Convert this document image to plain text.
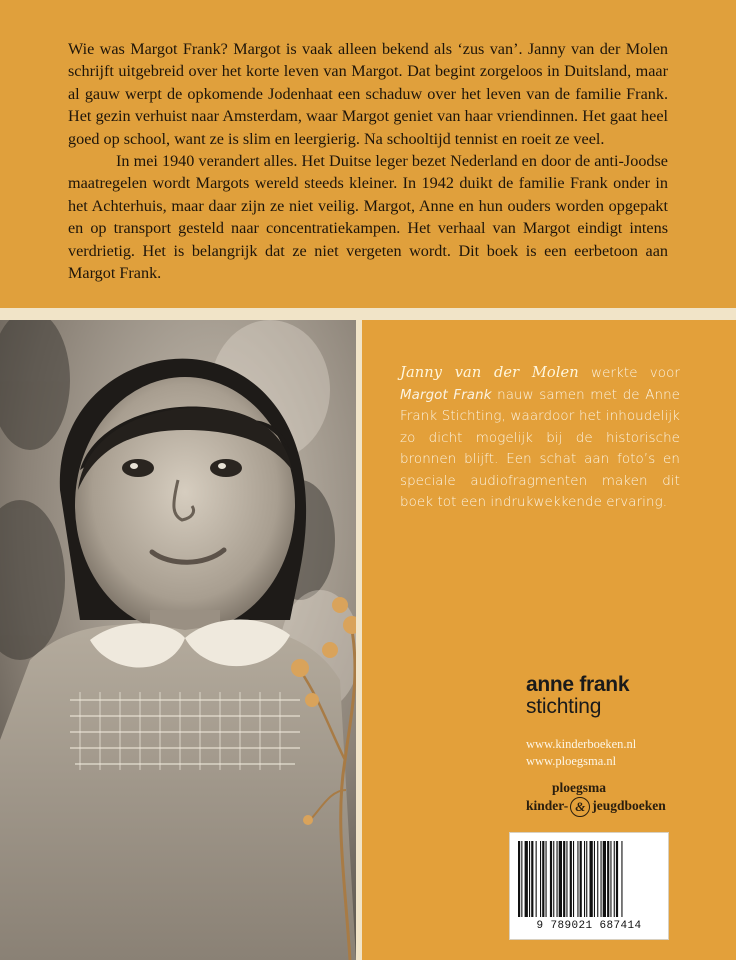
Wie was Margot Frank? Margot is vaak alleen bekend als ‘zus van’. Janny van der Molen schrijft uitgebreid over het korte leven van Margot. Dat begint zorgeloos in Duitsland, maar al gauw werpt de opkomende Jodenhaat een schaduw over het leven van de familie Frank. Het gezin verhuist naar Amsterdam, waar Margot geniet van haar vriendinnen. Het gaat heel goed op school, want ze is slim en leergierig. Na schooltijd tennist en roeit ze veel.

In mei 1940 verandert alles. Het Duitse leger bezet Nederland en door de anti-Joodse maatregelen wordt Margots wereld steeds kleiner. In 1942 duikt de familie Frank onder in het Achterhuis, maar daar zijn ze niet veilig. Margot, Anne en hun ouders worden opgepakt en op transport gesteld naar concentratiekampen. Het verhaal van Margot eindigt intens verdrietig. Het is belangrijk dat ze niet vergeten wordt. Dit boek is een eerbetoon aan Margot Frank.

Janny van der Molen werkte voor Margot Frank nauw samen met de Anne Frank Stichting, waardoor het inhoudelijk zo dicht mogelijk bij de historische bronnen blijft. Een schat aan foto’s en speciale audiofragmenten maken dit boek tot een indrukwekkende ervaring.
anne frank
stichting
www.kinderboeken.nl
www.ploegsma.nl
ploegsma
kinder- & jeugdboeken
9 789021 687414
